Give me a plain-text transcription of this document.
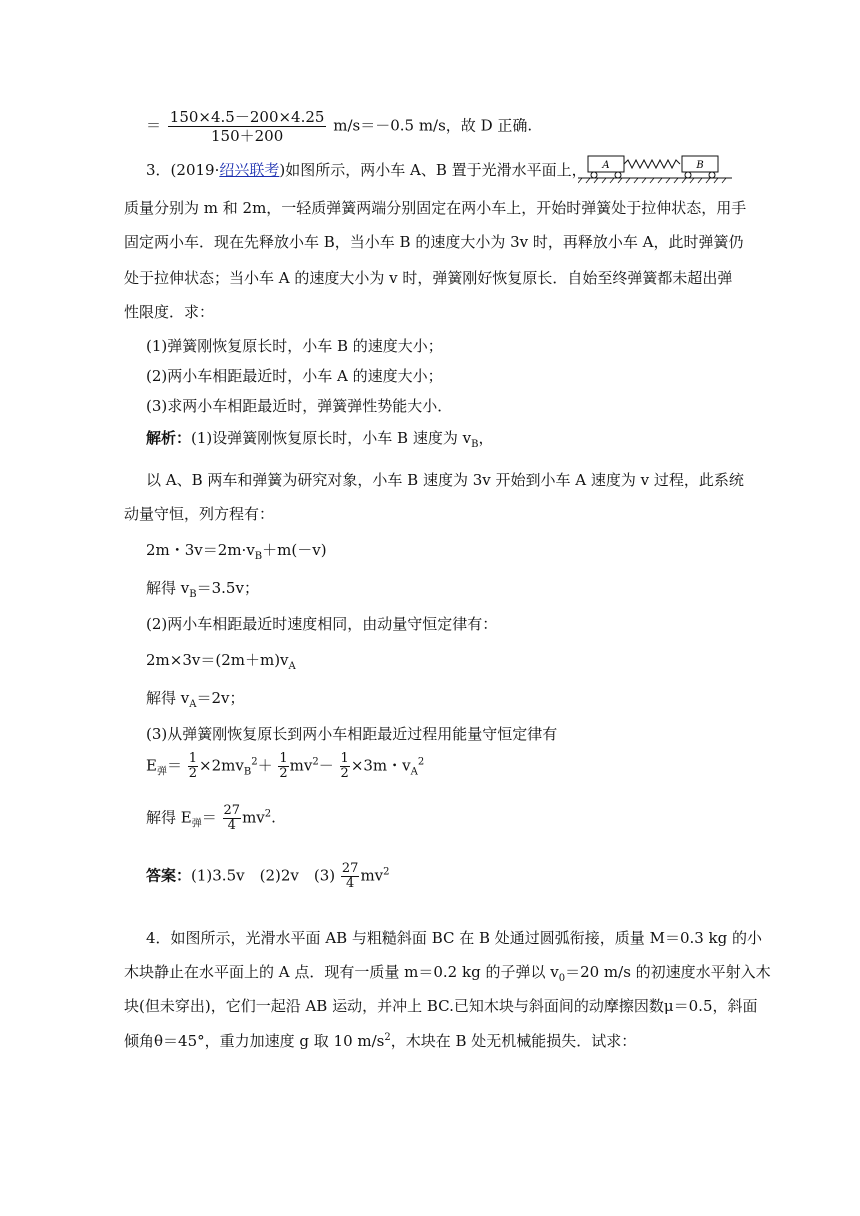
＝ $\frac{150\times 4.5-200\times 4.25}{150+200} m/s=-0.5$ m/s，故 D 正确.
3．(2019·绍兴联考)如图所示，两小车 A、B 置于光滑水平面上， A	B
质量分别为 m 和 2m，一轻质弹簧两端分别固定在两小车上，开始时弹簧处于拉伸状态，用手
固定两小车．现在先释放小车 B，当小车 B 的速度大小为 3v 时，再释放小车 A，此时弹簧仍
处于拉伸状态；当小车 A 的速度大小为 v 时，弹簧刚好恢复原长．自始至终弹簧都未超出弹
性限度．求：
(1)弹簧刚恢复原长时，小车 B 的速度大小；
(2)两小车相距最近时，小车 A 的速度大小；
(3)求两小车相距最近时，弹簧弹性势能大小．
解析：(1)设弹簧刚恢复原长时，小车 B 速度为 $v_B$，
以 A、B 两车和弹簧为研究对象，小车 B 速度为 3v 开始到小车 A 速度为 v 过程，此系统
动量守恒，列方程有：
2m・$3v=2m\cdot v_B+m(-v)$
解得 $v_B=3.5v$；
(2)两小车相距最近时速度相同，由动量守恒定律有：
$2m\times 3v=(2m+m)v_A$
解得 $v_A=2v$；
(3)从弹簧刚恢复原长到两小车相距最近过程用能量守恒定律有
$E_弹= \frac{1}{2} \times 2mv_B^2+ \frac{1}{2} mv^2- \frac{1}{2} \times 3m$・$v_A^2$
解得 $E_弹= \frac{27}{4} mv^2$.
答案：(1)3.5v　(2)2v　$(3) \frac{27}{4} mv^2$
4．如图所示，光滑水平面 AB 与粗糙斜面 BC 在 B 处通过圆弧衔接，质量 M＝0.3 kg 的小
木块静止在水平面上的 A 点．现有一质量 m＝0.2 kg 的子弹以 $v_0=20$ m/s 的初速度水平射入木
块(但未穿出)，它们一起沿 AB 运动，并冲上 BC.已知木块与斜面间的动摩擦因数μ＝0.5，斜面
倾角θ＝45°，重力加速度 g 取 10 $m/s^2$，木块在 B 处无机械能损失．试求：
